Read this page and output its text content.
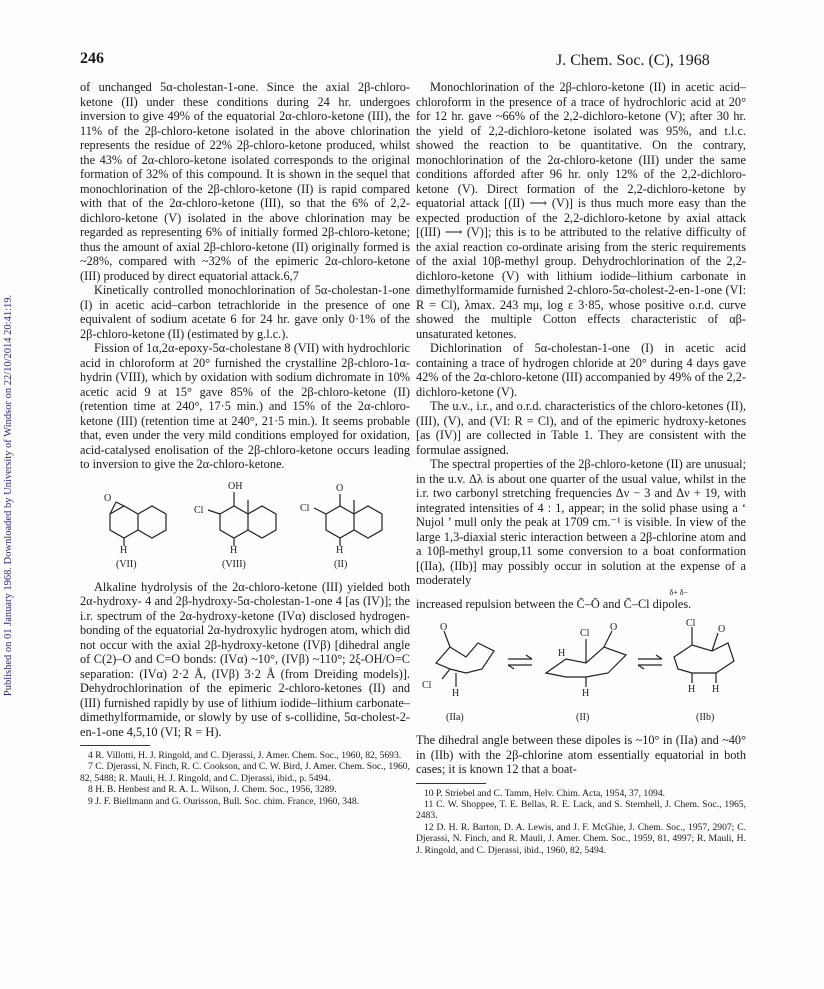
Published on 01 January 1968. Downloaded by University of Windsor on 22/10/2014 20:41:19.
246	J. Chem. Soc. (C), 1968

of unchanged 5α-cholestan-1-one. Since the axial 2β-chloro-ketone (II) under these conditions during 24 hr. undergoes inversion to give 49% of the equatorial 2α-chloro-ketone (III), the 11% of the 2β-chloro-ketone isolated in the above chlorination represents the residue of 22% 2β-chloro-ketone produced, whilst the 43% of 2α-chloro-ketone isolated corresponds to the original formation of 32% of this compound. It is shown in the sequel that monochlorination of the 2β-chloro-ketone (II) is rapid compared with that of the 2α-chloro-ketone (III), so that the 6% of 2,2-dichloro-ketone (V) isolated in the above chlorination may be regarded as representing 6% of initially formed 2β-chloro-ketone; thus the amount of axial 2β-chloro-ketone (II) originally formed is ~28%, compared with ~32% of the epimeric 2α-chloro-ketone (III) produced by direct equatorial attack.6,7

Kinetically controlled monochlorination of 5α-cholestan-1-one (I) in acetic acid–carbon tetrachloride in the presence of one equivalent of sodium acetate 6 for 24 hr. gave only 0·1% of the 2β-chloro-ketone (II) (estimated by g.l.c.).

Fission of 1α,2α-epoxy-5α-cholestane 8 (VII) with hydrochloric acid in chloroform at 20° furnished the crystalline 2β-chloro-1α-hydrin (VIII), which by oxidation with sodium dichromate in 10% acetic acid 9 at 15° gave 85% of the 2β-chloro-ketone (II) (retention time at 240°, 17·5 min.) and 15% of the 2α-chloro-ketone (III) (retention time at 240°, 21·5 min.). It seems probable that, even under the very mild conditions employed for oxidation, acid-catalysed enolisation of the 2β-chloro-ketone occurs leading to inversion to give the 2α-chloro-ketone.

O
H
OH
Cl
H
O
Cl
H
(VII)	(VIII)	(II)

Alkaline hydrolysis of the 2α-chloro-ketone (III) yielded both 2α-hydroxy- 4 and 2β-hydroxy-5α-cholestan-1-one 4 [as (IV)]; the i.r. spectrum of the 2α-hydroxy-ketone (IVα) disclosed hydrogen-bonding of the equatorial 2α-hydroxylic hydrogen atom, which did not occur with the axial 2β-hydroxy-ketone (IVβ) [dihedral angle of C(2)–O and C=O bonds: (IVα) ~10°, (IVβ) ~110°; 2ξ-OH/O=C separation: (IVα) 2·2 Å, (IVβ) 3·2 Å (from Dreiding models)]. Dehydrochlorination of the epimeric 2-chloro-ketones (II) and (III) furnished rapidly by use of lithium iodide–lithium carbonate–dimethylformamide, or slowly by use of s-collidine, 5α-cholest-2-en-1-one 4,5,10 (VI; R = H).

4 R. Villotti, H. J. Ringold, and C. Djerassi, J. Amer. Chem. Soc., 1960, 82, 5693.

7 C. Djerassi, N. Finch, R. C. Cookson, and C. W. Bird, J. Amer. Chem. Soc., 1960, 82, 5488; R. Mauli, H. J. Ringold, and C. Djerassi, ibid., p. 5494.

8 H. B. Henbest and R. A. L. Wilson, J. Chem. Soc., 1956, 3289.

9 J. F. Biellmann and G. Ourisson, Bull. Soc. chim. France, 1960, 348.

Monochlorination of the 2β-chloro-ketone (II) in acetic acid–chloroform in the presence of a trace of hydrochloric acid at 20° for 12 hr. gave ~66% of the 2,2-dichloro-ketone (V); after 30 hr. the yield of 2,2-dichloro-ketone isolated was 95%, and t.l.c. showed the reaction to be quantitative. On the contrary, monochlorination of the 2α-chloro-ketone (III) under the same conditions afforded after 96 hr. only 12% of the 2,2-dichloro-ketone (V). Direct formation of the 2,2-dichloro-ketone by equatorial attack [(II) ⟶ (V)] is thus much more easy than the expected production of the 2,2-dichloro-ketone by axial attack [(III) ⟶ (V)]; this is to be attributed to the relative difficulty of the axial reaction co-ordinate arising from the steric requirements of the axial 10β-methyl group. Dehydrochlorination of the 2,2-dichloro-ketone (V) with lithium iodide–lithium carbonate in dimethylformamide furnished 2-chloro-5α-cholest-2-en-1-one (VI: R = Cl), λmax. 243 mμ, log ε 3·85, whose positive o.r.d. curve showed the multiple Cotton effects characteristic of αβ-unsaturated ketones.

Dichlorination of 5α-cholestan-1-one (I) in acetic acid containing a trace of hydrogen chloride at 20° during 4 days gave 42% of the 2α-chloro-ketone (III) accompanied by 49% of the 2,2-dichloro-ketone (V).

The u.v., i.r., and o.r.d. characteristics of the chloro-ketones (II), (III), (V), and (VI: R = Cl), and of the epimeric hydroxy-ketones [as (IV)] are collected in Table 1. They are consistent with the formulae assigned.

The spectral properties of the 2β-chloro-ketone (II) are unusual; in the u.v. Δλ is about one quarter of the usual value, whilst in the i.r. two carbonyl stretching frequencies Δν − 3 and Δν + 19, with integrated intensities of 4 : 1, appear; in the solid phase using a ‘ Nujol ’ mull only the peak at 1709 cm.⁻¹ is visible. In view of the large 1,3-diaxial steric interaction between a 2β-chlorine atom and a 10β-methyl group,11 some conversion to a boat conformation [(IIa), (IIb)] may possibly occur in solution at the expense of a moderately

δ+ δ−

increased repulsion between the C̄–Ō and C̄–Cl dipoles.

O
Cl
H
Cl
O
H
H
Cl
O
H H
(IIa)	(II)	(IIb)

The dihedral angle between these dipoles is ~10° in (IIa) and ~40° in (IIb) with the 2β-chlorine atom essentially equatorial in both cases; it is known 12 that a boat-

10 P. Striebel and C. Tamm, Helv. Chim. Acta, 1954, 37, 1094.

11 C. W. Shoppee, T. E. Bellas, R. E. Lack, and S. Sternhell, J. Chem. Soc., 1965, 2483.

12 D. H. R. Barton, D. A. Lewis, and J. F. McGhie, J. Chem. Soc., 1957, 2907; C. Djerassi, N. Finch, and R. Mauli, J. Amer. Chem. Soc., 1959, 81, 4997; R. Mauli, H. J. Ringold, and C. Djerassi, ibid., 1960, 82, 5494.
